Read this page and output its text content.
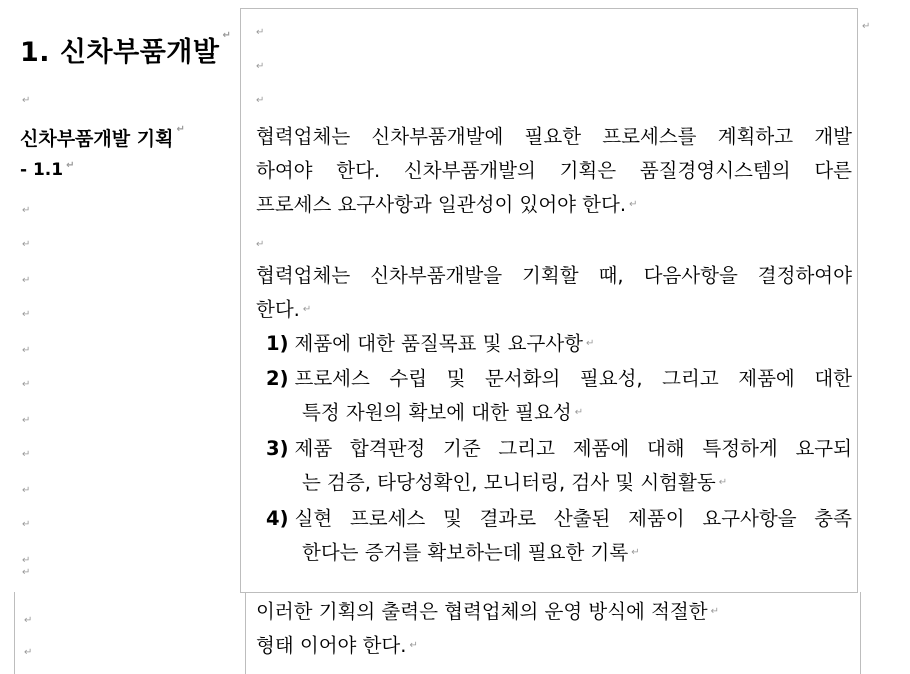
↵
1. 신차부품개발↵
↵
신차부품개발 기획 ↵
- 1.1 ↵
↵
↵
↵
↵
↵
↵
↵
↵
↵
↵
↵
↵
↵
↵
↵
↵
↵
협력업체는 신차부품개발에 필요한 프로세스를 계획하고 개발
하여야 한다. 신차부품개발의 기획은 품질경영시스템의 다른
프로세스 요구사항과 일관성이 있어야 한다. ↵
↵
협력업체는 신차부품개발을 기획할 때, 다음사항을 결정하여야
한다. ↵
1) 제품에 대한 품질목표 및 요구사항 ↵
2) 프로세스 수립 및 문서화의 필요성, 그리고 제품에 대한
특정 자원의 확보에 대한 필요성 ↵
3) 제품 합격판정 기준 그리고 제품에 대해 특정하게 요구되
는 검증, 타당성확인, 모니터링, 검사 및 시험활동 ↵
4) 실현 프로세스 및 결과로 산출된 제품이 요구사항을 충족
한다는 증거를 확보하는데 필요한 기록 ↵
이러한 기획의 출력은 협력업체의 운영 방식에 적절한 ↵
형태 이어야 한다. ↵
